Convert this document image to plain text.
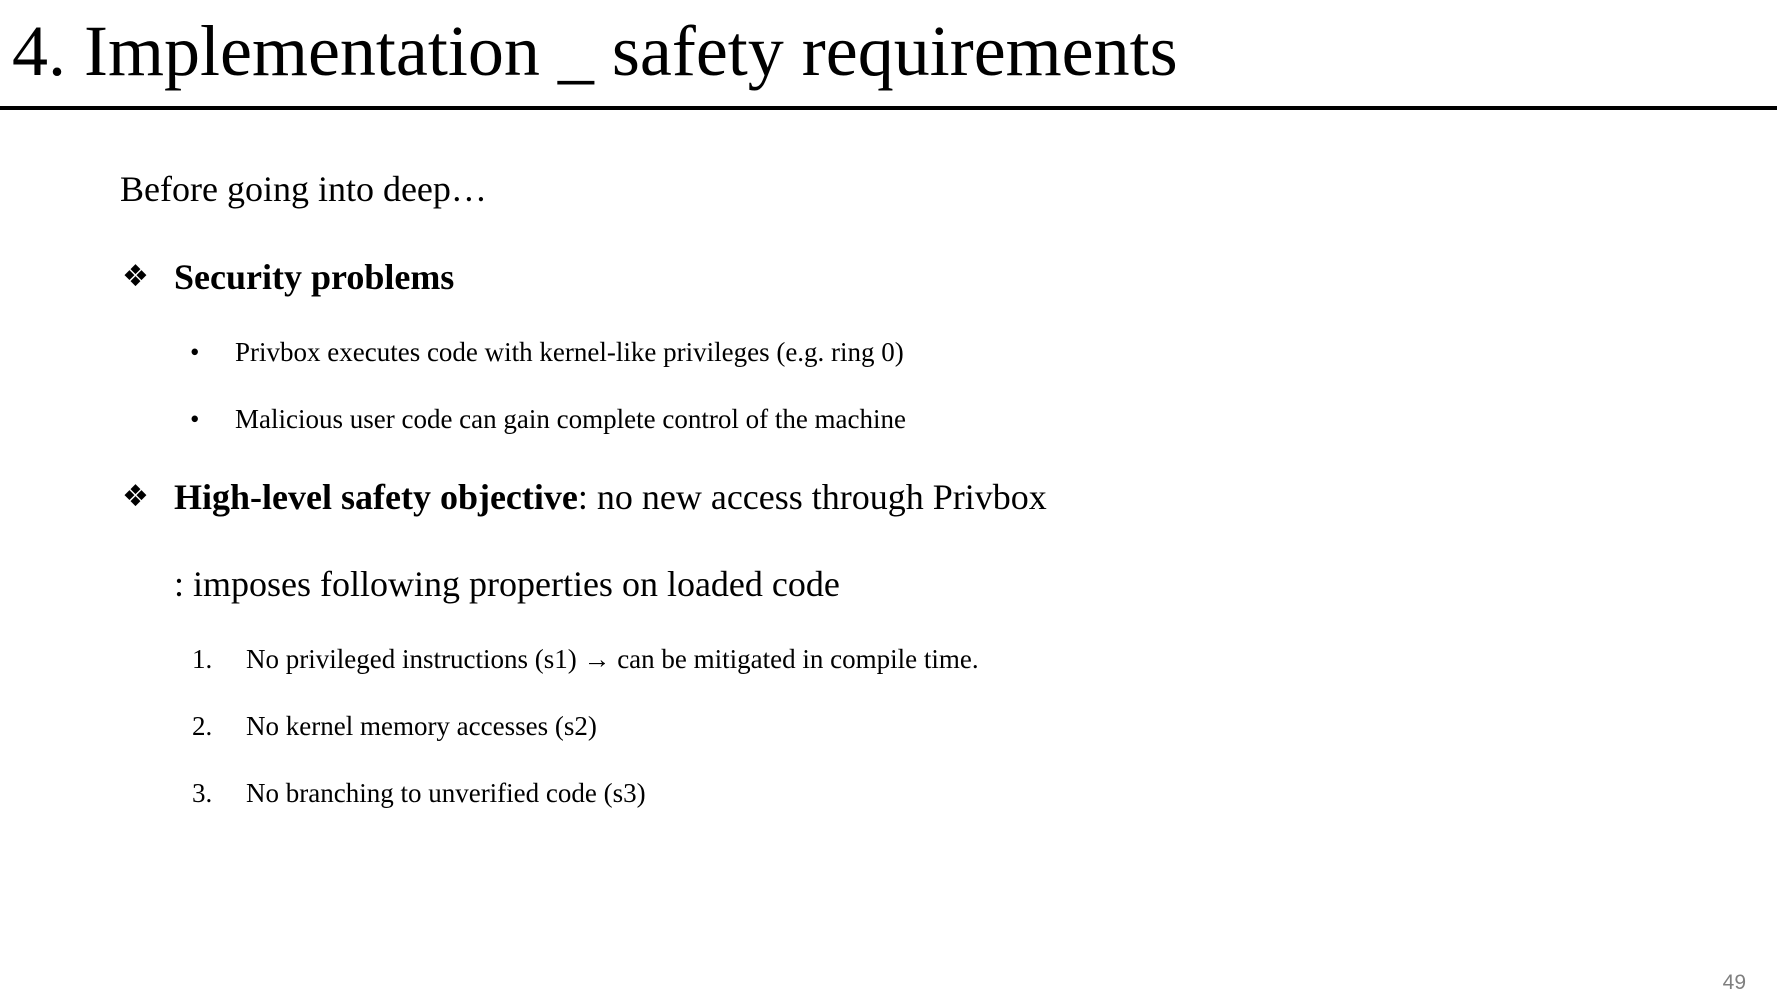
4. Implementation _ safety requirements
Before going into deep…
❖ Security problems
• Privbox executes code with kernel-like privileges (e.g. ring 0)
• Malicious user code can gain complete control of the machine
❖ High-level safety objective: no new access through Privbox
: imposes following properties on loaded code
1. No privileged instructions (s1) → can be mitigated in compile time.
2. No kernel memory accesses (s2)
3. No branching to unverified code (s3)
49
